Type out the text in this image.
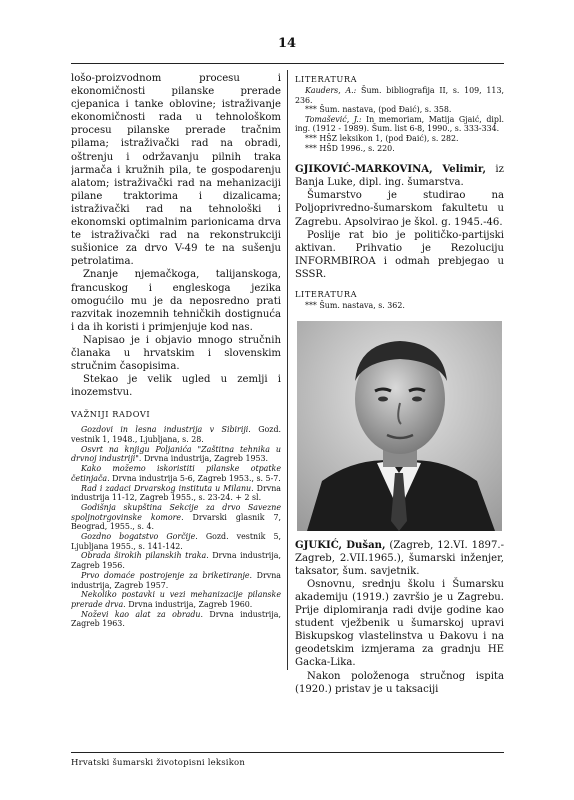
14

lošo-proizvodnom procesu i ekonomičnosti pilanske prerade cjepanica i tanke oblovine; istraživanje ekonomičnosti rada u tehnološkom procesu pilanske prerade tračnim pilama; istraživački rad na obradi, oštrenju i održavanju pilnih traka jarmača i kružnih pila, te gospodarenju alatom; istraživački rad na mehanizaciji pilane traktorima i dizalicama; istraživački rad na tehnološki i ekonomski optimalnim parionicama drva te istraživački rad na rekonstrukciji sušionice za drvo V-49 te na sušenju petrolatima.

Znanje njemačkoga, talijanskoga, francuskog i engleskoga jezika omogućilo mu je da neposredno prati razvitak inozemnih tehničkih dostignuća i da ih koristi i primjenjuje kod nas.

Napisao je i objavio mnogo stručnih članaka u hrvatskim i slovenskim stručnim časopisima.

Stekao je velik ugled u zemlji i inozemstvu.

VAŽNIJI RADOVI

Gozdovi in lesna industrija v Sibiriji. Gozd. vestnik 1, 1948., Ljubljana, s. 28.

Osvrt na knjigu Poljanića "Zaštitna tehnika u drvnoj industriji". Drvna industrija, Zagreb 1953.

Kako možemo iskoristiti pilanske otpatke četinjača. Drvna industrija 5-6, Zagreb 1953., s. 5-7.

Rad i zadaci Drvarskog instituta u Milanu. Drvna industrija 11-12, Zagreb 1955., s. 23-24. + 2 sl.

Godišnja skupština Sekcije za drvo Savezne spoljnotrgovinske komore. Drvarski glasnik 7, Beograd, 1955., s. 4.

Gozdno bogatstvo Gorčije. Gozd. vestnik 5, Ljubljana 1955., s. 141-142.

Obrada širokih pilanskih traka. Drvna industrija, Zagreb 1956.

Prvo domaće postrojenje za briketiranje. Drvna industrija, Zagreb 1957.

Nekoliko postavki u vezi mehanizacije pilanske prerade drva. Drvna industrija, Zagreb 1960.

Noževi kao alat za obradu. Drvna industrija, Zagreb 1963.

LITERATURA

Kauders, A.: Šum. bibliografija II, s. 109, 113, 236.

*** Šum. nastava, (pod Đaić), s. 358.

Tomašević, J.: In memoriam, Matija Gjaić, dipl. ing. (1912 - 1989). Šum. list 6-8, 1990., s. 333-334.

*** HŠZ leksikon 1, (pod Đaić), s. 282.

*** HŠD 1996., s. 220.

GJIKOVIĆ-MARKOVINA, Velimir, iz Banja Luke, dipl. ing. šumarstva.

Šumarstvo je studirao na Poljoprivredno-šumarskom fakultetu u Zagrebu. Apsolvirao je škol. g. 1945.-46.

Poslije rat bio je političko-partijski aktivan. Prihvatio je Rezoluciju INFORMBIROA i odmah prebjegao u SSSR.

LITERATURA

*** Šum. nastava, s. 362.

GJUKIĆ, Dušan, (Zagreb, 12.VI. 1897.- Zagreb, 2.VII.1965.), šumarski inženjer, taksator, šum. savjetnik.

Osnovnu, srednju školu i Šumarsku akademiju (1919.) završio je u Zagrebu. Prije diplomiranja radi dvije godine kao student vježbenik u šumarskoj upravi Biskupskog vlastelinstva u Đakovu i na geodetskim izmjerama za gradnju HE Gacka-Lika.

Nakon položenoga stručnog ispita (1920.) pristav je u taksaciji

Hrvatski šumarski životopisni leksikon
